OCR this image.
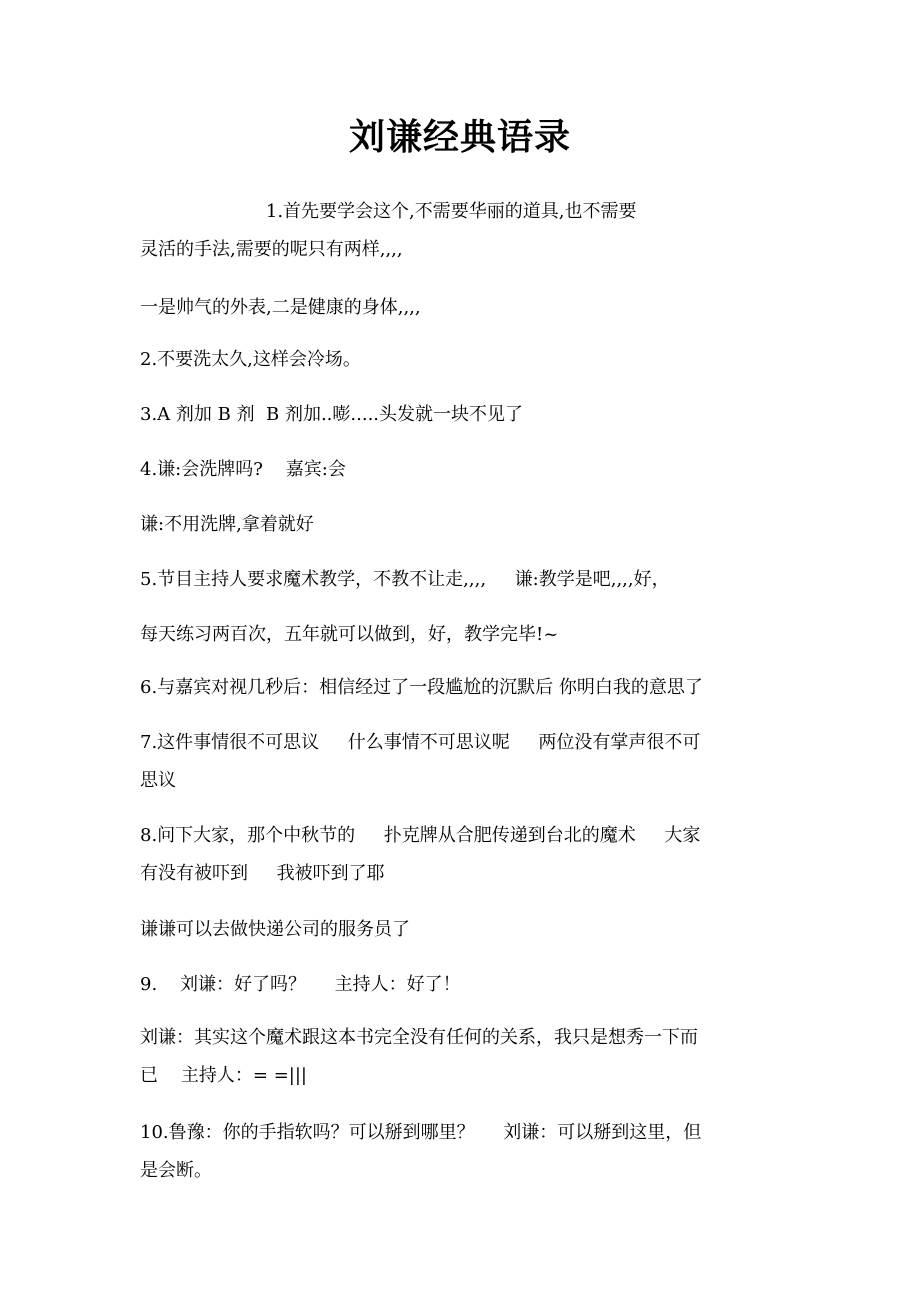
刘谦经典语录

1.首先要学会这个,不需要华丽的道具,也不需要

灵活的手法,需要的呢只有两样,,,,

一是帅气的外表,二是健康的身体,,,,

2.不要洗太久,这样会冷场。

3.A 剂加 B 剂  B 剂加..嘭.....头发就一块不见了

4.谦:会洗牌吗?    嘉宾:会

谦:不用洗牌,拿着就好

5.节目主持人要求魔术教学，不教不让走,,,,     谦:教学是吧,,,,好，

每天练习两百次，五年就可以做到，好，教学完毕!~

6.与嘉宾对视几秒后：相信经过了一段尴尬的沉默后 你明白我的意思了

7.这件事情很不可思议     什么事情不可思议呢     两位没有掌声很不可

思议

8.问下大家，那个中秋节的     扑克牌从合肥传递到台北的魔术     大家

有没有被吓到     我被吓到了耶

谦谦可以去做快递公司的服务员了

9.    刘谦：好了吗？     主持人：好了！

刘谦：其实这个魔术跟这本书完全没有任何的关系，我只是想秀一下而

已    主持人：= =|||

10.鲁豫：你的手指软吗？可以掰到哪里？     刘谦：可以掰到这里，但

是会断。
